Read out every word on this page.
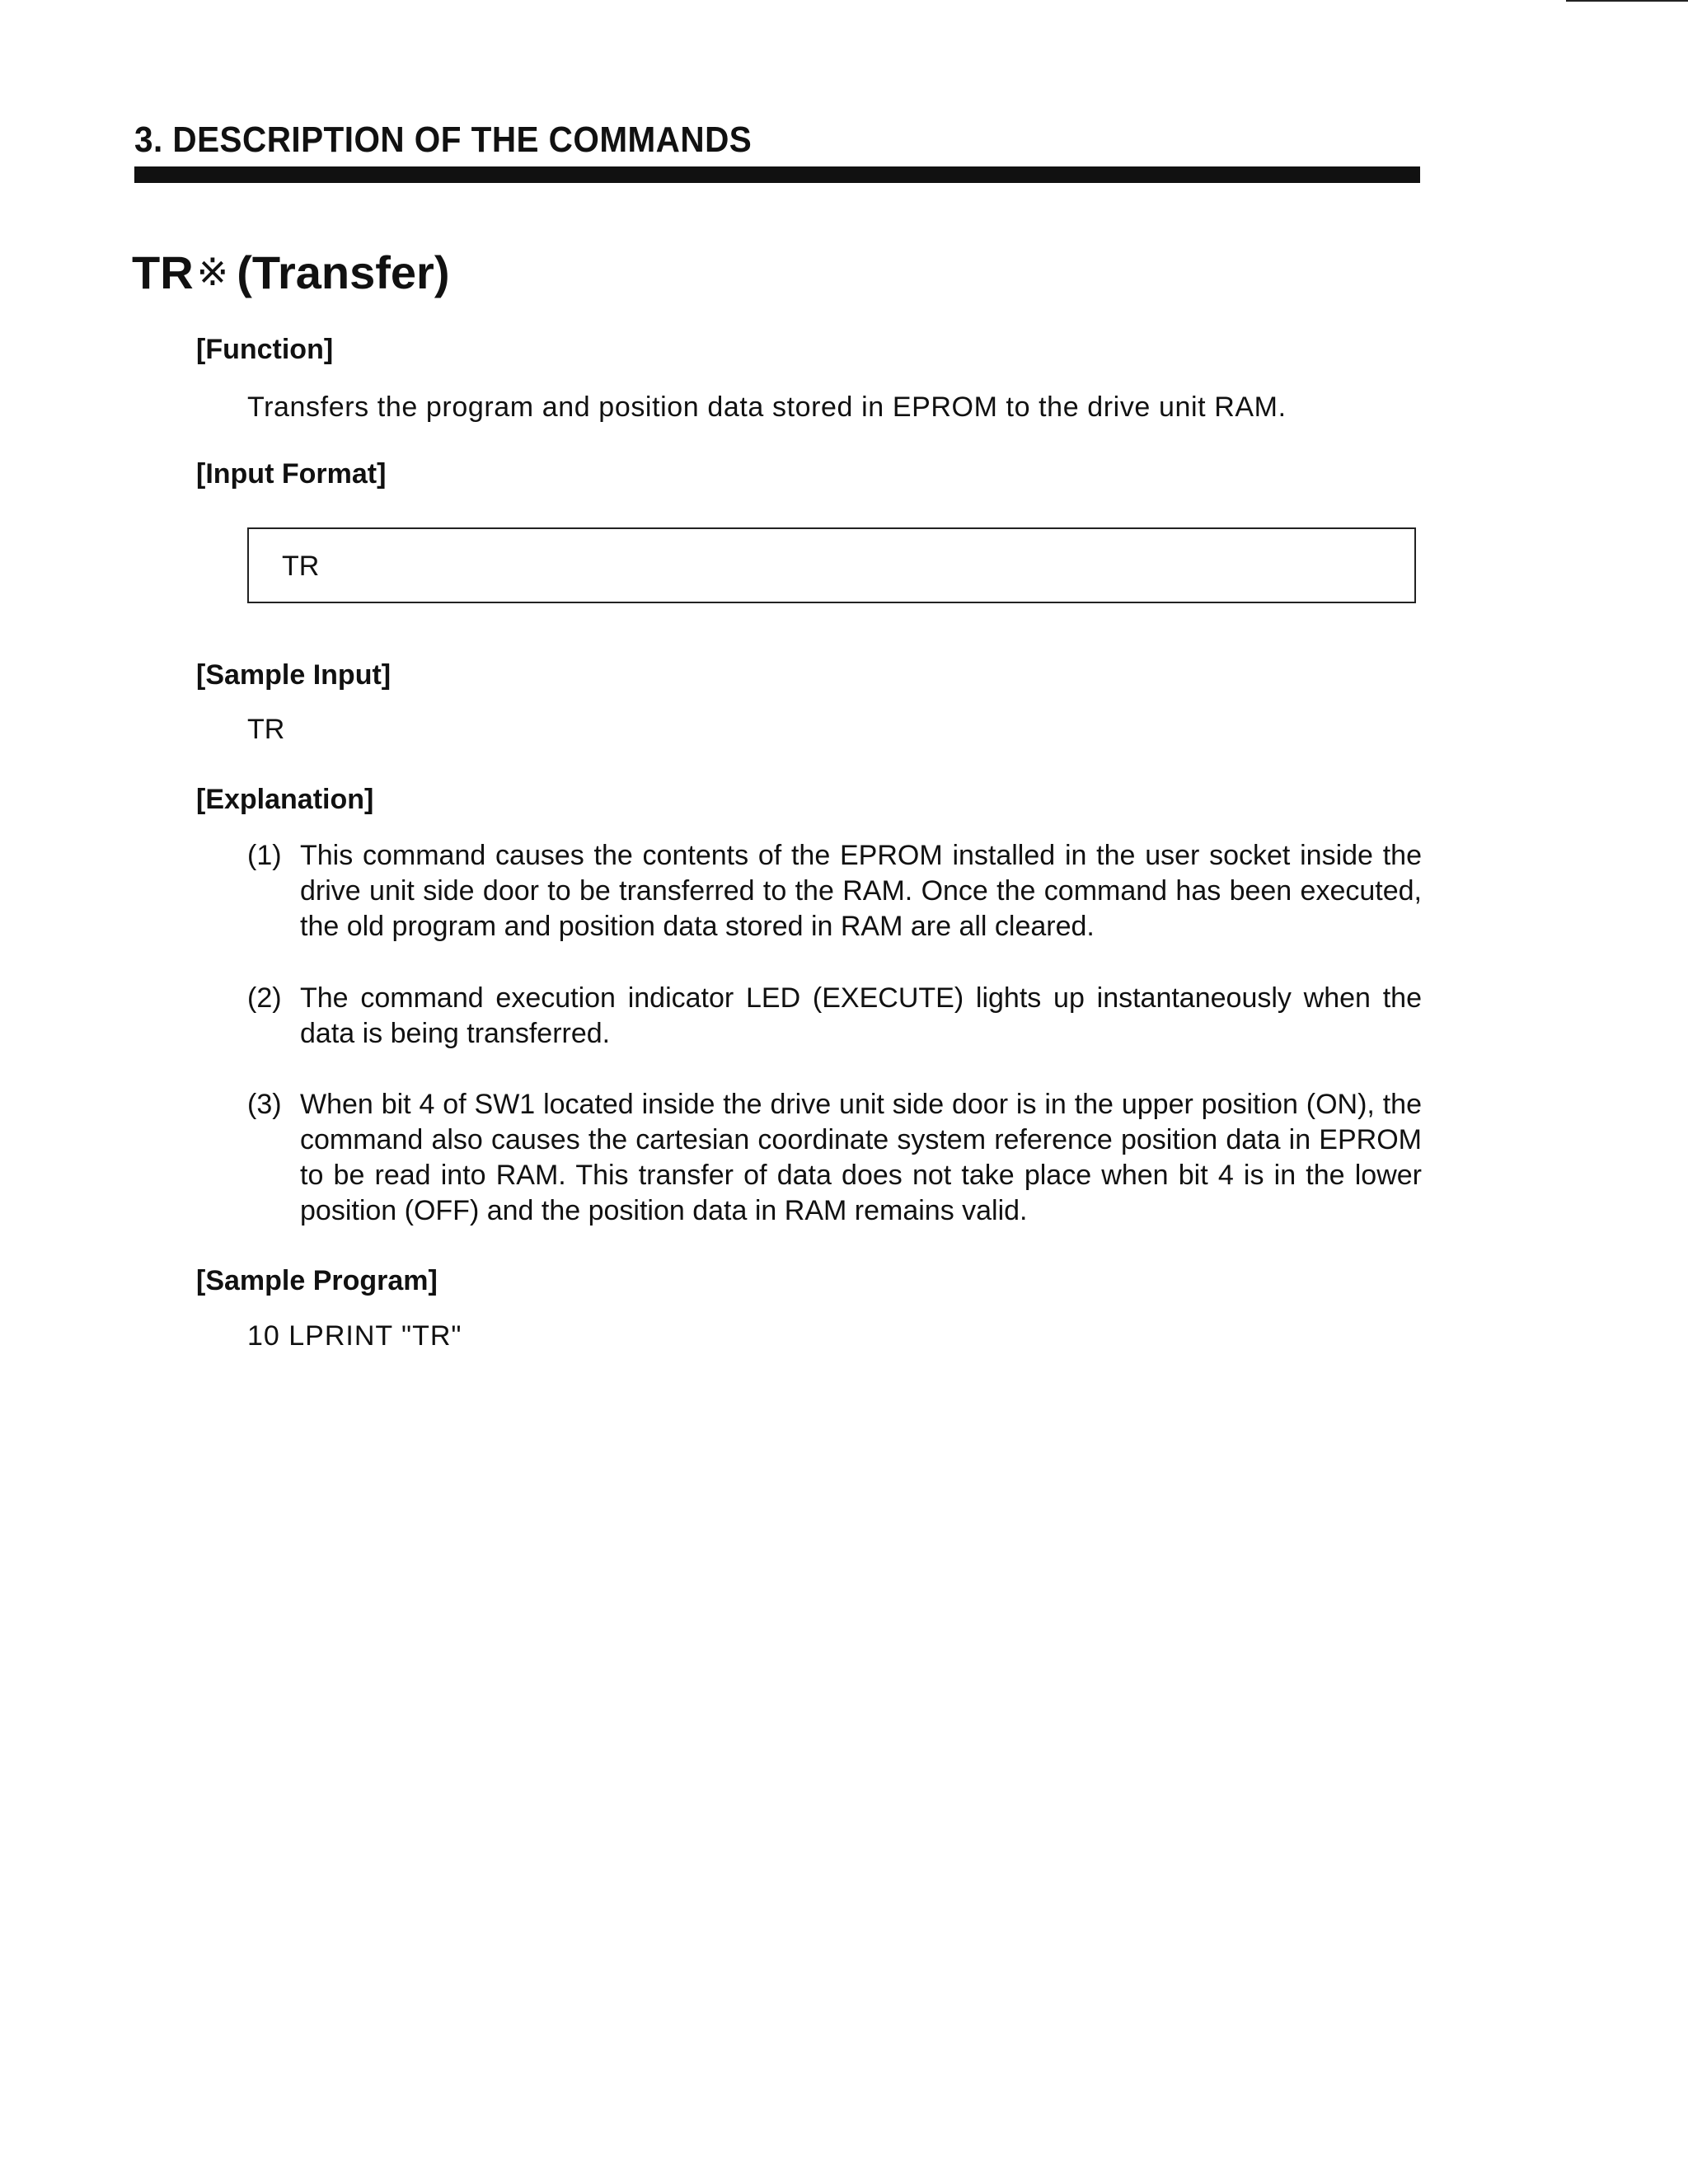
3. DESCRIPTION OF THE COMMANDS
TR※ (Transfer)

[Function]

Transfers the program and position data stored in EPROM to the drive unit RAM.

[Input Format]

TR

[Sample Input]

TR

[Explanation]

(1) This command causes the contents of the EPROM installed in the user socket inside the drive unit side door to be transferred to the RAM. Once the command has been executed, the old program and position data stored in RAM are all cleared.
(2) The command execution indicator LED (EXECUTE) lights up instantaneously when the data is being transferred.
(3) When bit 4 of SW1 located inside the drive unit side door is in the upper position (ON), the command also causes the cartesian coordinate system reference position data in EPROM to be read into RAM. This transfer of data does not take place when bit 4 is in the lower position (OFF) and the position data in RAM remains valid.

[Sample Program]

10 LPRINT "TR"
